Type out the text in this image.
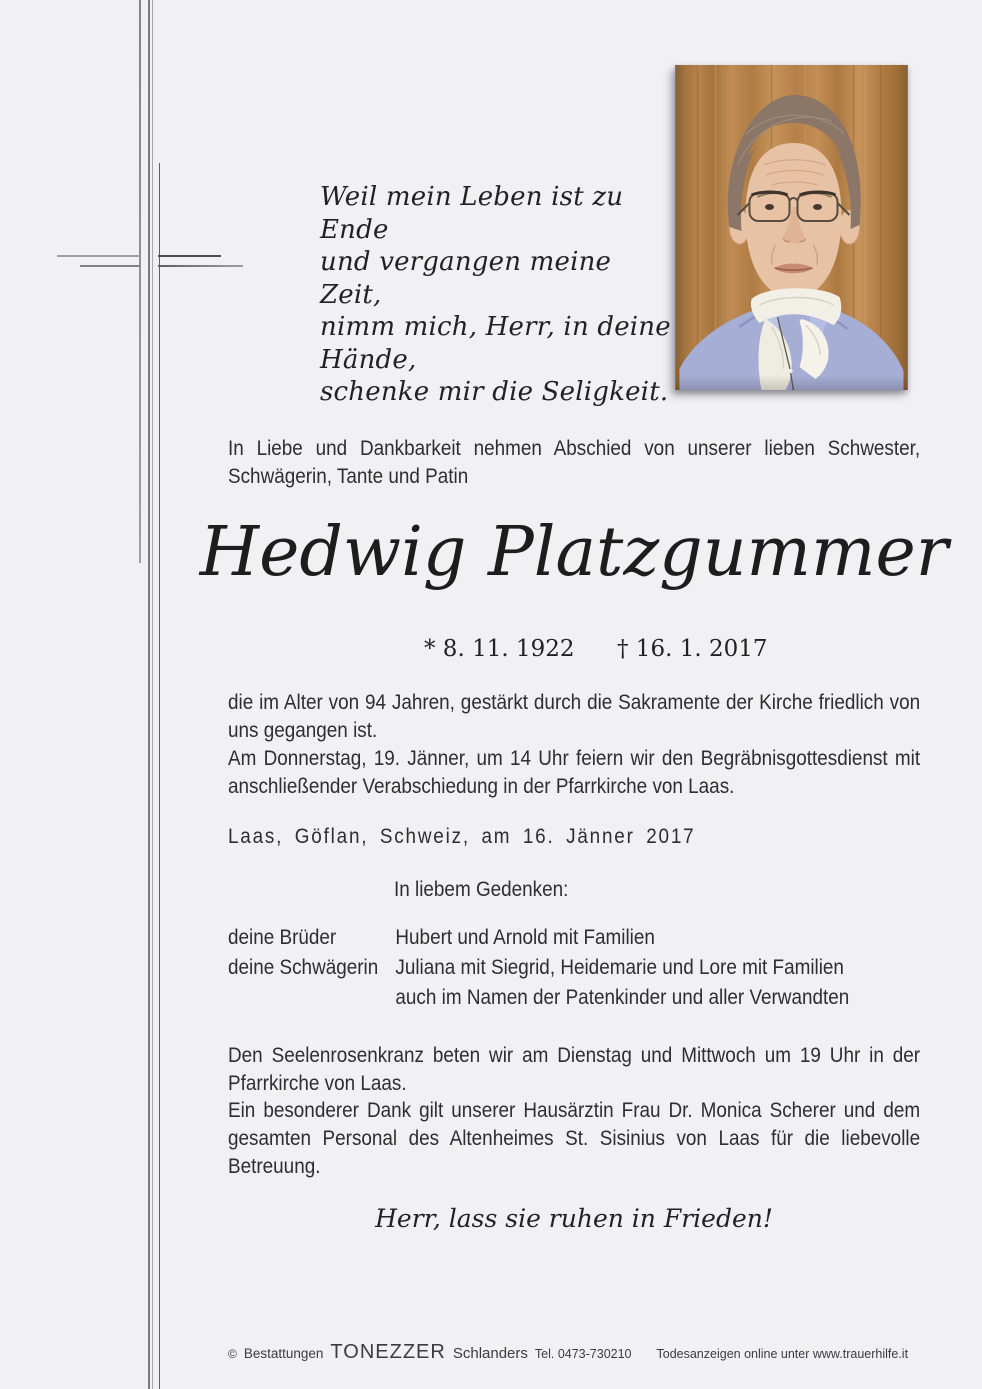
Weil mein Leben ist zu Ende
und vergangen meine Zeit,
nimm mich, Herr, in deine Hände,
schenke mir die Seligkeit.
In Liebe und Dankbarkeit nehmen Abschied von unserer lieben Schwester, Schwägerin, Tante und Patin
Hedwig Platzgummer
* 8. 11. 1922 † 16. 1. 2017
die im Alter von 94 Jahren, gestärkt durch die Sakramente der Kirche friedlich von uns gegangen ist.
Am Donnerstag, 19. Jänner, um 14 Uhr feiern wir den Begräbnisgottesdienst mit anschließender Verabschiedung in der Pfarrkirche von Laas.
Laas, Göflan, Schweiz, am 16. Jänner 2017
In liebem Gedenken:
deine Brüder	Hubert und Arnold mit Familien
deine Schwägerin Juliana mit Siegrid, Heidemarie und Lore mit Familien
auch im Namen der Patenkinder und aller Verwandten
Den Seelenrosenkranz beten wir am Dienstag und Mittwoch um 19 Uhr in der Pfarrkirche von Laas.
Ein besonderer Dank gilt unserer Hausärztin Frau Dr. Monica Scherer und dem gesamten Personal des Altenheimes St. Sisinius von Laas für die liebevolle Betreuung.
Herr, lass sie ruhen in Frieden!
© Bestattungen TONEZZER Schlanders Tel. 0473-730210 Todesanzeigen online unter www.trauerhilfe.it
